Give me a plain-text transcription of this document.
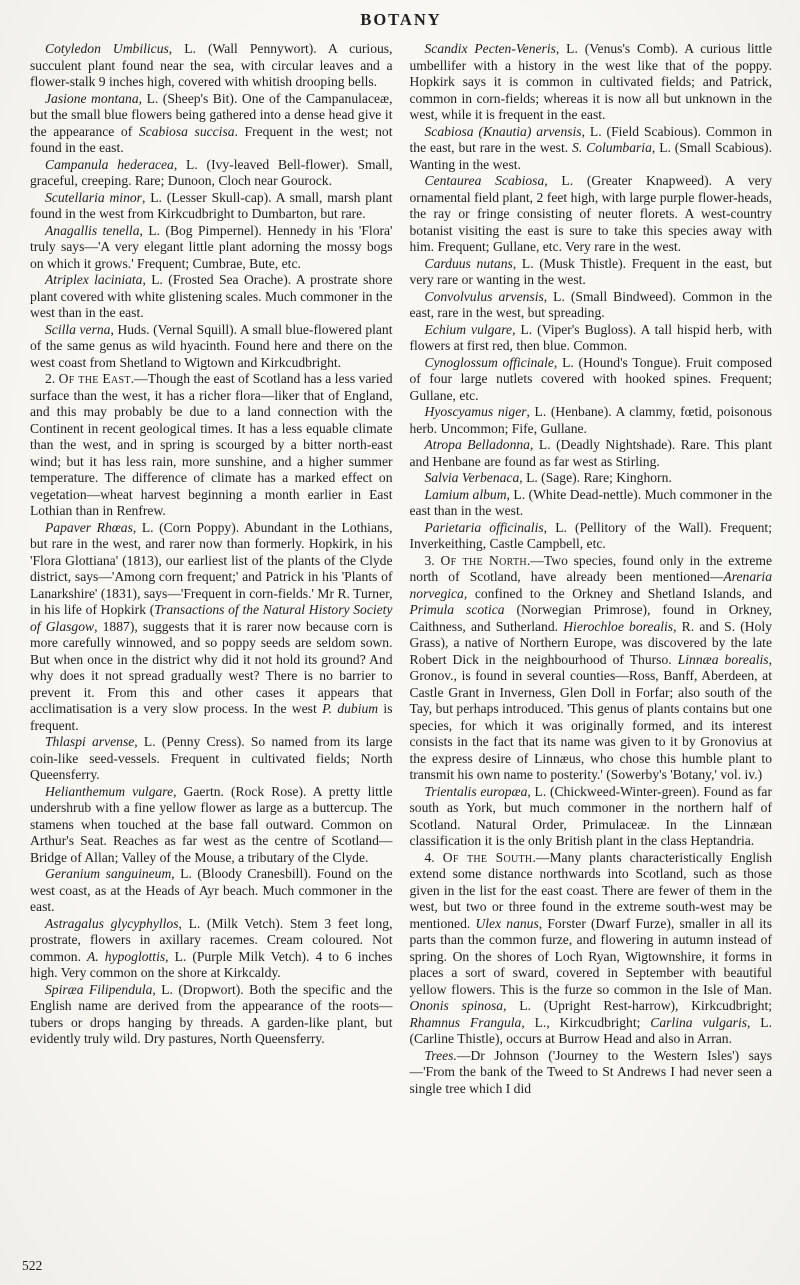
BOTANY

Cotyledon Umbilicus, L. (Wall Pennywort). A curious, succulent plant found near the sea, with circular leaves and a flower-stalk 9 inches high, covered with whitish drooping bells.

Jasione montana, L. (Sheep's Bit). One of the Campanulaceæ, but the small blue flowers being gathered into a dense head give it the appearance of Scabiosa succisa. Frequent in the west; not found in the east.

Campanula hederacea, L. (Ivy-leaved Bell-flower). Small, graceful, creeping. Rare; Dunoon, Cloch near Gourock.

Scutellaria minor, L. (Lesser Skull-cap). A small, marsh plant found in the west from Kirkcudbright to Dumbarton, but rare.

Anagallis tenella, L. (Bog Pimpernel). Hennedy in his 'Flora' truly says—'A very elegant little plant adorning the mossy bogs on which it grows.' Frequent; Cumbrae, Bute, etc.

Atriplex laciniata, L. (Frosted Sea Orache). A prostrate shore plant covered with white glistening scales. Much commoner in the west than in the east.

Scilla verna, Huds. (Vernal Squill). A small blue-flowered plant of the same genus as wild hyacinth. Found here and there on the west coast from Shetland to Wigtown and Kirkcudbright.

2. Of the East.—Though the east of Scotland has a less varied surface than the west, it has a richer flora—liker that of England, and this may probably be due to a land connection with the Continent in recent geological times. It has a less equable climate than the west, and in spring is scourged by a bitter north-east wind; but it has less rain, more sunshine, and a higher summer temperature. The difference of climate has a marked effect on vegetation—wheat harvest beginning a month earlier in East Lothian than in Renfrew.

Papaver Rhœas, L. (Corn Poppy). Abundant in the Lothians, but rare in the west, and rarer now than formerly. Hopkirk, in his 'Flora Glottiana' (1813), our earliest list of the plants of the Clyde district, says—'Among corn frequent;' and Patrick in his 'Plants of Lanarkshire' (1831), says—'Frequent in corn-fields.' Mr R. Turner, in his life of Hopkirk (Transactions of the Natural History Society of Glasgow, 1887), suggests that it is rarer now because corn is more carefully winnowed, and so poppy seeds are seldom sown. But when once in the district why did it not hold its ground? And why does it not spread gradually west? There is no barrier to prevent it. From this and other cases it appears that acclimatisation is a very slow process. In the west P. dubium is frequent.

Thlaspi arvense, L. (Penny Cress). So named from its large coin-like seed-vessels. Frequent in cultivated fields; North Queensferry.

Helianthemum vulgare, Gaertn. (Rock Rose). A pretty little undershrub with a fine yellow flower as large as a buttercup. The stamens when touched at the base fall outward. Common on Arthur's Seat. Reaches as far west as the centre of Scotland—Bridge of Allan; Valley of the Mouse, a tributary of the Clyde.

Geranium sanguineum, L. (Bloody Cranesbill). Found on the west coast, as at the Heads of Ayr beach. Much commoner in the east.

Astragalus glycyphyllos, L. (Milk Vetch). Stem 3 feet long, prostrate, flowers in axillary racemes. Cream coloured. Not common. A. hypoglottis, L. (Purple Milk Vetch). 4 to 6 inches high. Very common on the shore at Kirkcaldy.

Spiræa Filipendula, L. (Dropwort). Both the specific and the English name are derived from the appearance of the roots—tubers or drops hanging by threads. A garden-like plant, but evidently truly wild. Dry pastures, North Queensferry.

Scandix Pecten-Veneris, L. (Venus's Comb). A curious little umbellifer with a history in the west like that of the poppy. Hopkirk says it is common in cultivated fields; and Patrick, common in corn-fields; whereas it is now all but unknown in the west, while it is frequent in the east.

Scabiosa (Knautia) arvensis, L. (Field Scabious). Common in the east, but rare in the west. S. Columbaria, L. (Small Scabious). Wanting in the west.

Centaurea Scabiosa, L. (Greater Knapweed). A very ornamental field plant, 2 feet high, with large purple flower-heads, the ray or fringe consisting of neuter florets. A west-country botanist visiting the east is sure to take this species away with him. Frequent; Gullane, etc. Very rare in the west.

Carduus nutans, L. (Musk Thistle). Frequent in the east, but very rare or wanting in the west.

Convolvulus arvensis, L. (Small Bindweed). Common in the east, rare in the west, but spreading.

Echium vulgare, L. (Viper's Bugloss). A tall hispid herb, with flowers at first red, then blue. Common.

Cynoglossum officinale, L. (Hound's Tongue). Fruit composed of four large nutlets covered with hooked spines. Frequent; Gullane, etc.

Hyoscyamus niger, L. (Henbane). A clammy, fœtid, poisonous herb. Uncommon; Fife, Gullane.

Atropa Belladonna, L. (Deadly Nightshade). Rare. This plant and Henbane are found as far west as Stirling.

Salvia Verbenaca, L. (Sage). Rare; Kinghorn.

Lamium album, L. (White Dead-nettle). Much commoner in the east than in the west.

Parietaria officinalis, L. (Pellitory of the Wall). Frequent; Inverkeithing, Castle Campbell, etc.

3. Of the North.—Two species, found only in the extreme north of Scotland, have already been mentioned—Arenaria norvegica, confined to the Orkney and Shetland Islands, and Primula scotica (Norwegian Primrose), found in Orkney, Caithness, and Sutherland. Hierochloe borealis, R. and S. (Holy Grass), a native of Northern Europe, was discovered by the late Robert Dick in the neighbourhood of Thurso. Linnæa borealis, Gronov., is found in several counties—Ross, Banff, Aberdeen, at Castle Grant in Inverness, Glen Doll in Forfar; also south of the Tay, but perhaps introduced. 'This genus of plants contains but one species, for which it was originally formed, and its interest consists in the fact that its name was given to it by Gronovius at the express desire of Linnæus, who chose this humble plant to transmit his own name to posterity.' (Sowerby's 'Botany,' vol. iv.)

Trientalis europæa, L. (Chickweed-Winter-green). Found as far south as York, but much commoner in the northern half of Scotland. Natural Order, Primulaceæ. In the Linnæan classification it is the only British plant in the class Heptandria.

4. Of the South.—Many plants characteristically English extend some distance northwards into Scotland, such as those given in the list for the east coast. There are fewer of them in the west, but two or three found in the extreme south-west may be mentioned. Ulex nanus, Forster (Dwarf Furze), smaller in all its parts than the common furze, and flowering in autumn instead of spring. On the shores of Loch Ryan, Wigtownshire, it forms in places a sort of sward, covered in September with beautiful yellow flowers. This is the furze so common in the Isle of Man. Ononis spinosa, L. (Upright Rest-harrow), Kirkcudbright; Rhamnus Frangula, L., Kirkcudbright; Carlina vulgaris, L. (Carline Thistle), occurs at Burrow Head and also in Arran.

Trees.—Dr Johnson ('Journey to the Western Isles') says—'From the bank of the Tweed to St Andrews I had never seen a single tree which I did

522
